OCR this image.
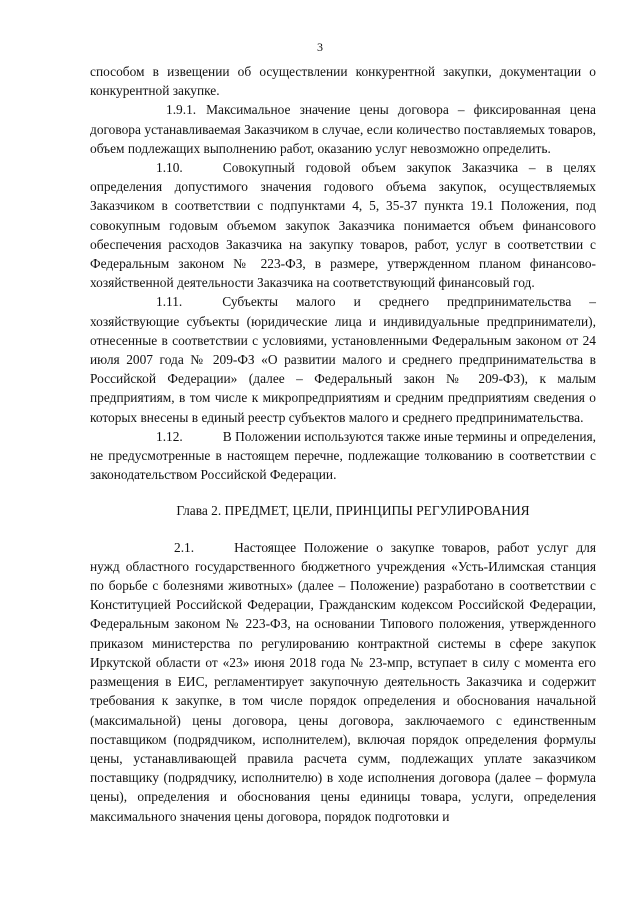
3

способом в извещении об осуществлении конкурентной закупки, документации о конкурентной закупке.

1.9.1. Максимальное значение цены договора – фиксированная цена договора устанавливаемая Заказчиком в случае, если количество поставляемых товаров, объем подлежащих выполнению работ, оказанию услуг невозможно определить.

1.10.	Совокупный годовой объем закупок Заказчика – в целях определения допустимого значения годового объема закупок, осуществляемых Заказчиком в соответствии с подпунктами 4, 5, 35-37 пункта 19.1 Положения, под совокупным годовым объемом закупок Заказчика понимается объем финансового обеспечения расходов Заказчика на закупку товаров, работ, услуг в соответствии с Федеральным законом № 223-ФЗ, в размере, утвержденном планом финансово-хозяйственной деятельности Заказчика на соответствующий финансовый год.

1.11.	Субъекты малого и среднего предпринимательства – хозяйствующие субъекты (юридические лица и индивидуальные предприниматели), отнесенные в соответствии с условиями, установленными Федеральным законом от 24 июля 2007 года № 209-ФЗ «О развитии малого и среднего предпринимательства в Российской Федерации» (далее – Федеральный закон № 209-ФЗ), к малым предприятиям, в том числе к микропредприятиям и средним предприятиям сведения о которых внесены в единый реестр субъектов малого и среднего предпринимательства.

1.12.	В Положении используются также иные термины и определения, не предусмотренные в настоящем перечне, подлежащие толкованию в соответствии с законодательством Российской Федерации.

Глава 2. ПРЕДМЕТ, ЦЕЛИ, ПРИНЦИПЫ РЕГУЛИРОВАНИЯ

2.1.	Настоящее Положение о закупке товаров, работ услуг для нужд областного государственного бюджетного учреждения «Усть-Илимская станция по борьбе с болезнями животных» (далее – Положение) разработано в соответствии с Конституцией Российской Федерации, Гражданским кодексом Российской Федерации, Федеральным законом № 223-ФЗ, на основании Типового положения, утвержденного приказом министерства по регулированию контрактной системы в сфере закупок Иркутской области от «23» июня 2018 года № 23-мпр, вступает в силу с момента его размещения в ЕИС, регламентирует закупочную деятельность Заказчика и содержит требования к закупке, в том числе порядок определения и обоснования начальной (максимальной) цены договора, цены договора, заключаемого с единственным поставщиком (подрядчиком, исполнителем), включая порядок определения формулы цены, устанавливающей правила расчета сумм, подлежащих уплате заказчиком поставщику (подрядчику, исполнителю) в ходе исполнения договора (далее – формула цены), определения и обоснования цены единицы товара, услуги, определения максимального значения цены договора, порядок подготовки и
